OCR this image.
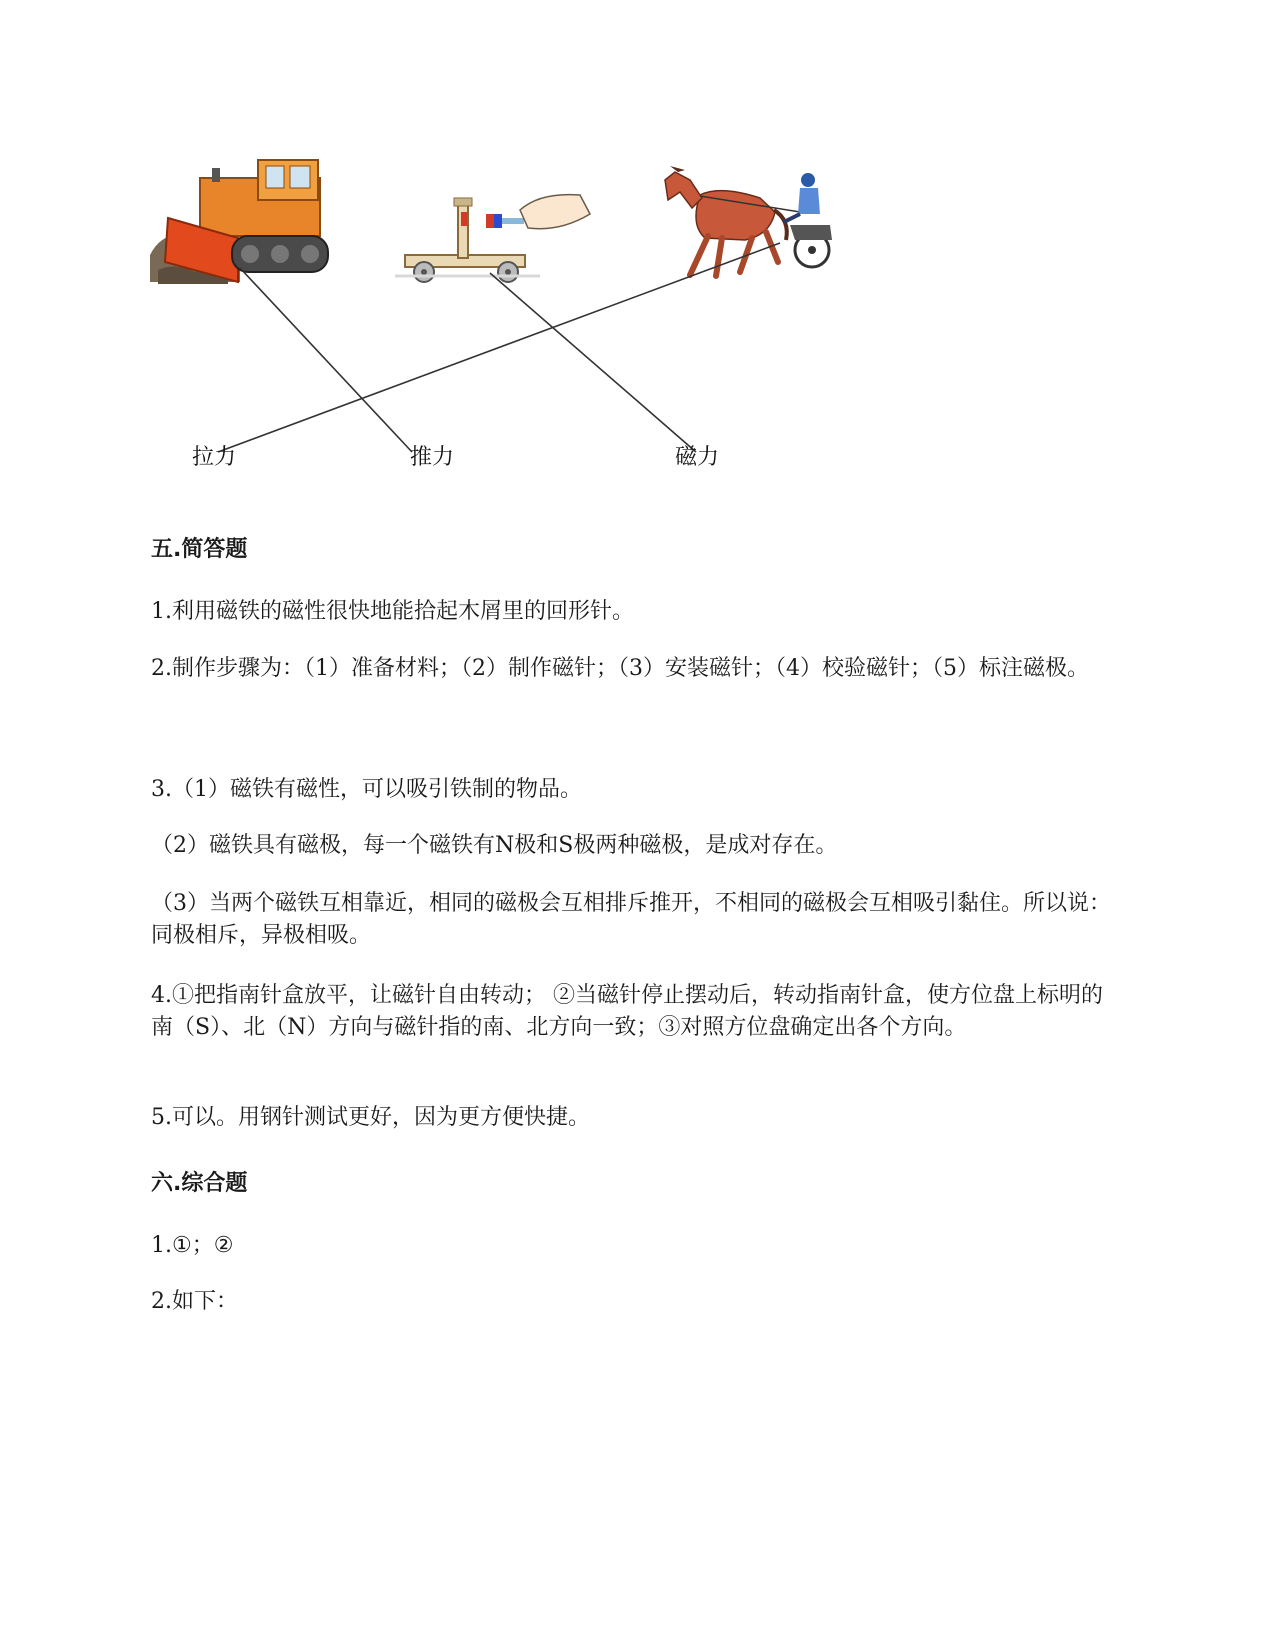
拉力	推力	磁力
五.简答题

1.利用磁铁的磁性很快地能拾起木屑里的回形针。

2.制作步骤为：（1）准备材料；（2）制作磁针；（3）安装磁针；（4）校验磁针；（5）标注磁极。

3.（1）磁铁有磁性，可以吸引铁制的物品。

（2）磁铁具有磁极，每一个磁铁有N极和S极两种磁极，是成对存在。

（3）当两个磁铁互相靠近，相同的磁极会互相排斥推开，不相同的磁极会互相吸引黏住。所以说：同极相斥，异极相吸。

4.①把指南针盒放平，让磁针自由转动； ②当磁针停止摆动后，转动指南针盒，使方位盘上标明的南（S）、北（N）方向与磁针指的南、北方向一致；③对照方位盘确定出各个方向。

5.可以。用钢针测试更好，因为更方便快捷。

六.综合题

1.①；②

2.如下：
